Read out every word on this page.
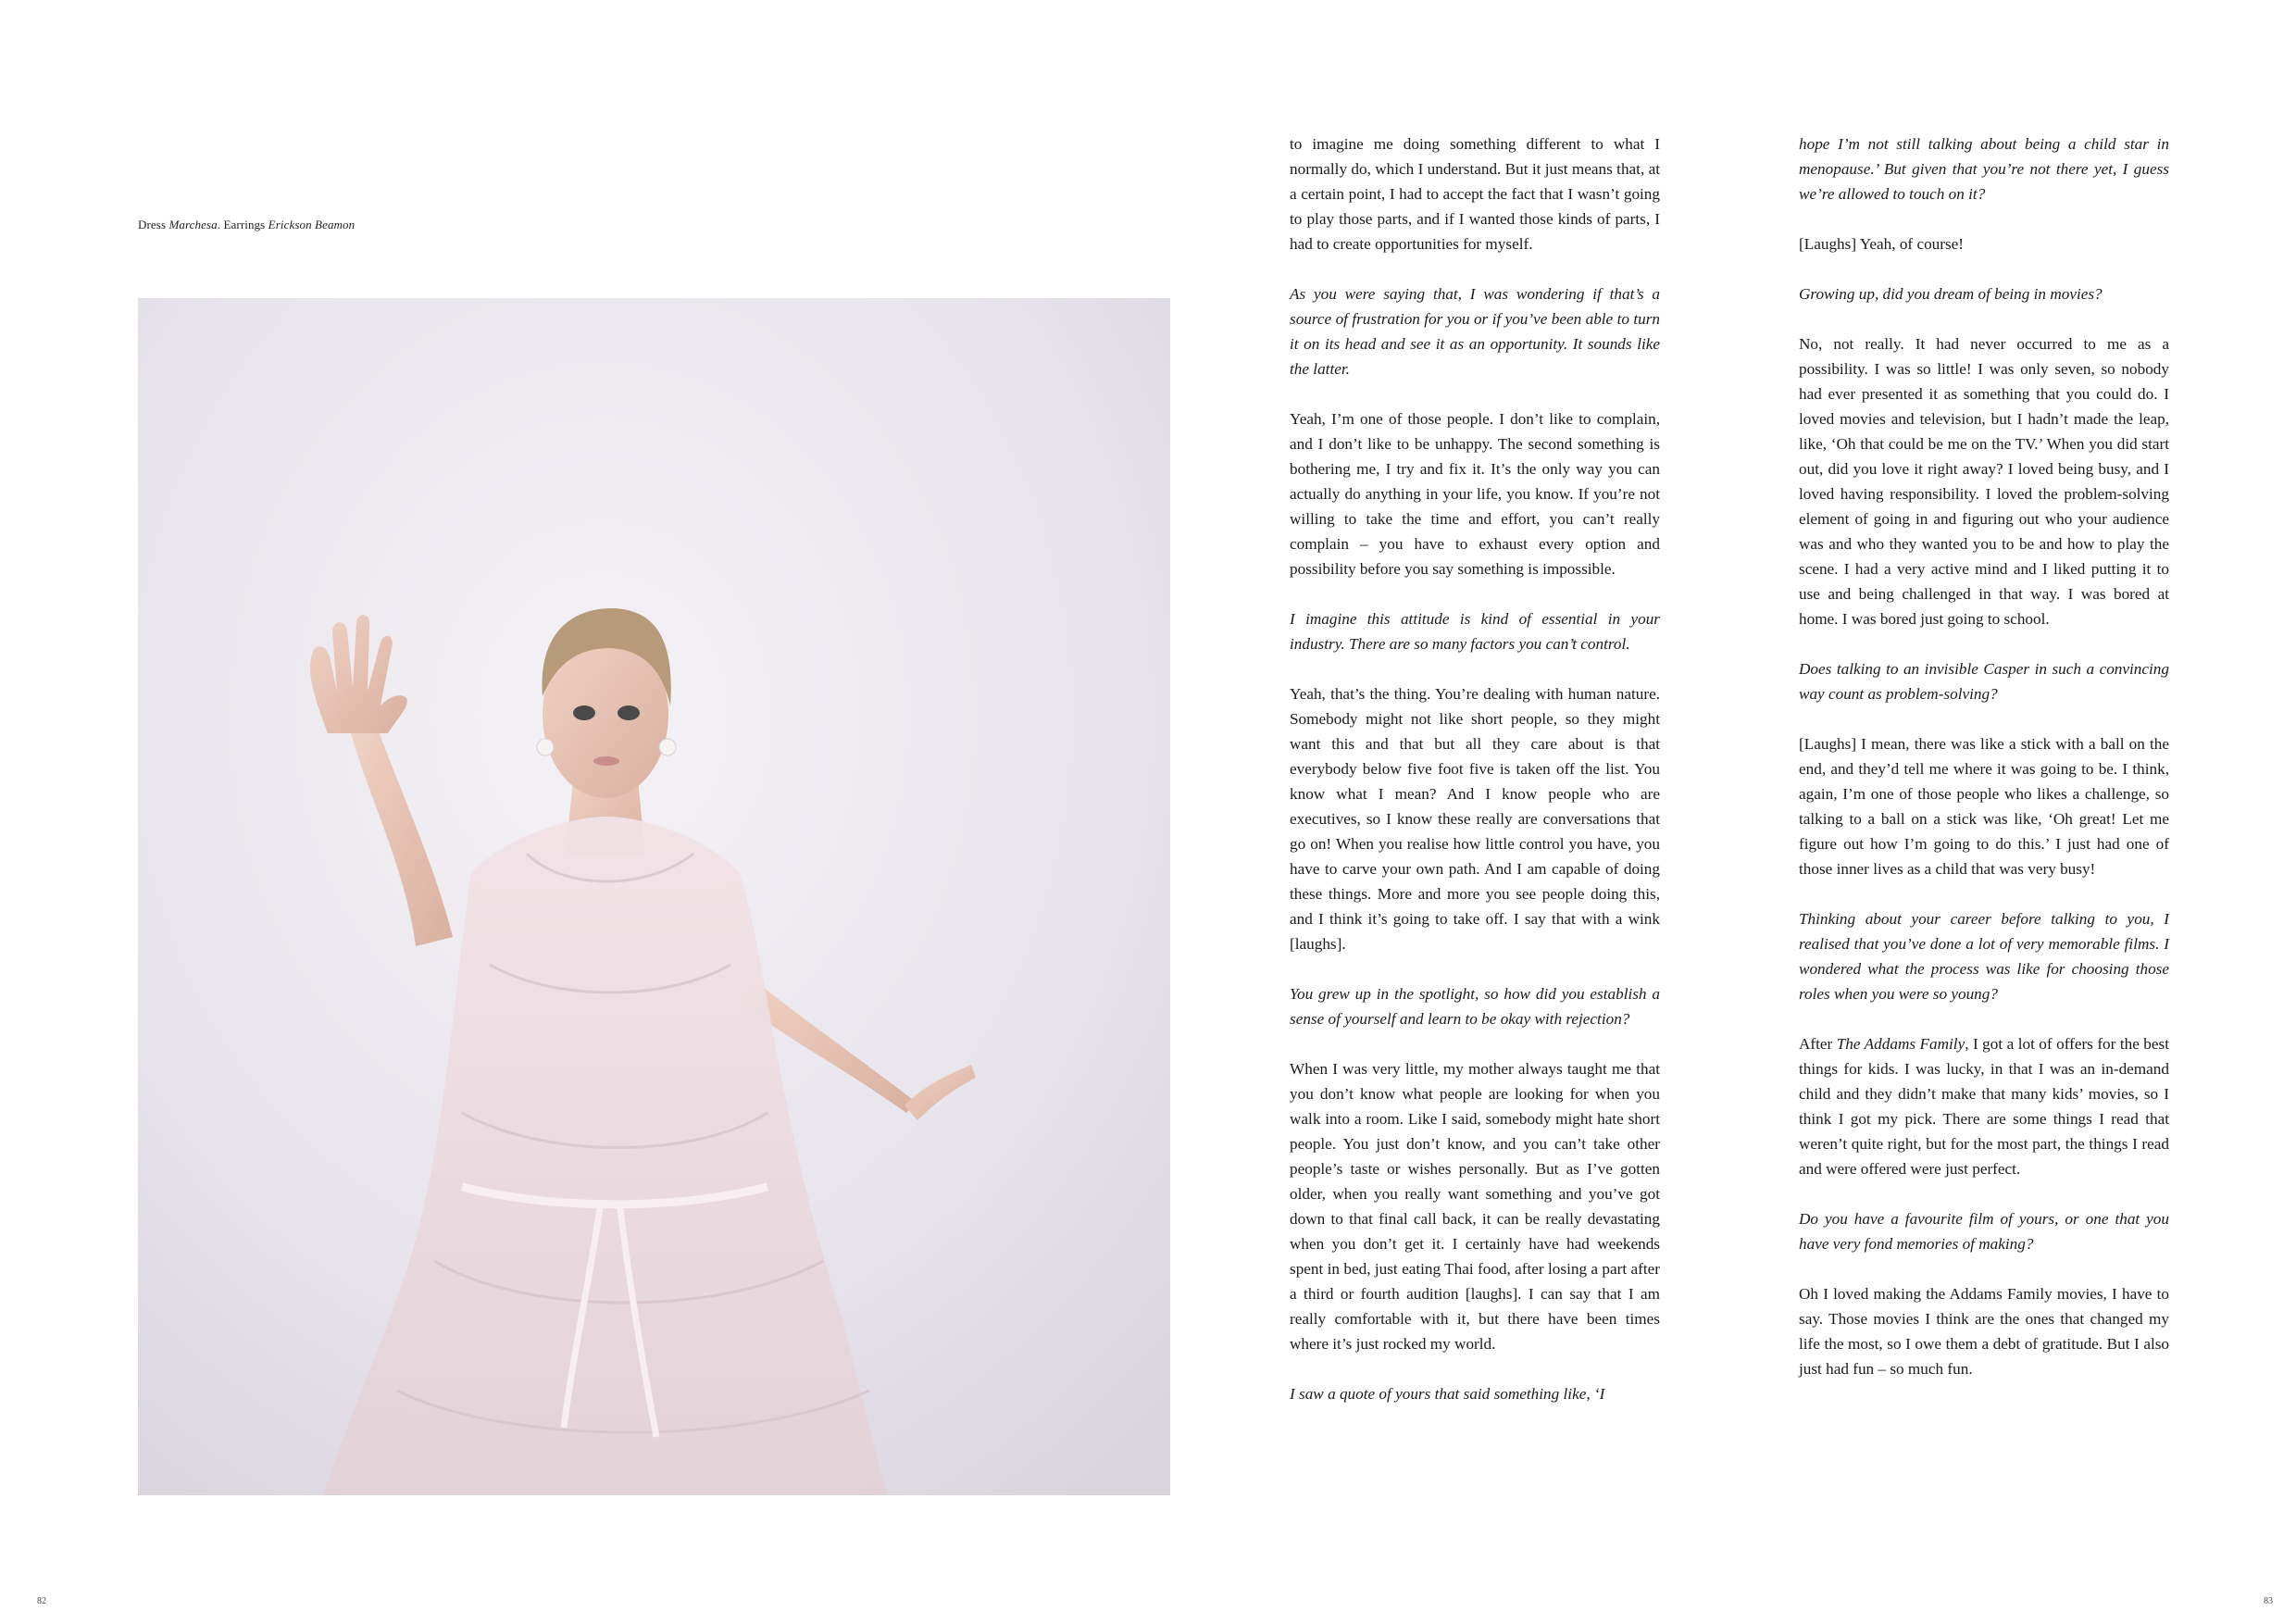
Dress Marchesa. Earrings Erickson Beamon
82	83

to imagine me doing something different to what I normally do, which I understand. But it just means that, at a certain point, I had to accept the fact that I wasn’t going to play those parts, and if I wanted those kinds of parts, I had to create opportunities for myself.

As you were saying that, I was wondering if that’s a source of frustration for you or if you’ve been able to turn it on its head and see it as an opportunity. It sounds like the latter.

Yeah, I’m one of those people. I don’t like to complain, and I don’t like to be unhappy. The second something is bothering me, I try and fix it. It’s the only way you can actually do anything in your life, you know. If you’re not willing to take the time and effort, you can’t really complain – you have to exhaust every option and possibility before you say something is impossible.

I imagine this attitude is kind of essential in your industry. There are so many factors you can’t control.

Yeah, that’s the thing. You’re dealing with human nature. Somebody might not like short people, so they might want this and that but all they care about is that everybody below five foot five is taken off the list. You know what I mean? And I know people who are executives, so I know these really are conversations that go on! When you realise how little control you have, you have to carve your own path. And I am capable of doing these things. More and more you see people doing this, and I think it’s going to take off. I say that with a wink [laughs].

You grew up in the spotlight, so how did you establish a sense of yourself and learn to be okay with rejection?

When I was very little, my mother always taught me that you don’t know what people are looking for when you walk into a room. Like I said, somebody might hate short people. You just don’t know, and you can’t take other people’s taste or wishes personally. But as I’ve gotten older, when you really want something and you’ve got down to that final call back, it can be really devastating when you don’t get it. I certainly have had weekends spent in bed, just eating Thai food, after losing a part after a third or fourth audition [laughs]. I can say that I am really comfortable with it, but there have been times where it’s just rocked my world.

I saw a quote of yours that said something like, ‘I

hope I’m not still talking about being a child star in menopause.’ But given that you’re not there yet, I guess we’re allowed to touch on it?

[Laughs] Yeah, of course!

Growing up, did you dream of being in movies?

No, not really. It had never occurred to me as a possibility. I was so little! I was only seven, so nobody had ever presented it as something that you could do. I loved movies and television, but I hadn’t made the leap, like, ‘Oh that could be me on the TV.’ When you did start out, did you love it right away? I loved being busy, and I loved having responsibility. I loved the problem-solving element of going in and figuring out who your audience was and who they wanted you to be and how to play the scene. I had a very active mind and I liked putting it to use and being challenged in that way. I was bored at home. I was bored just going to school.

Does talking to an invisible Casper in such a convincing way count as problem-solving?

[Laughs] I mean, there was like a stick with a ball on the end, and they’d tell me where it was going to be. I think, again, I’m one of those people who likes a challenge, so talking to a ball on a stick was like, ‘Oh great! Let me figure out how I’m going to do this.’ I just had one of those inner lives as a child that was very busy!

Thinking about your career before talking to you, I realised that you’ve done a lot of very memorable films. I wondered what the process was like for choosing those roles when you were so young?

After The Addams Family, I got a lot of offers for the best things for kids. I was lucky, in that I was an in-demand child and they didn’t make that many kids’ movies, so I think I got my pick. There are some things I read that weren’t quite right, but for the most part, the things I read and were offered were just perfect.

Do you have a favourite film of yours, or one that you have very fond memories of making?

Oh I loved making the Addams Family movies, I have to say. Those movies I think are the ones that changed my life the most, so I owe them a debt of gratitude. But I also just had fun – so much fun.
